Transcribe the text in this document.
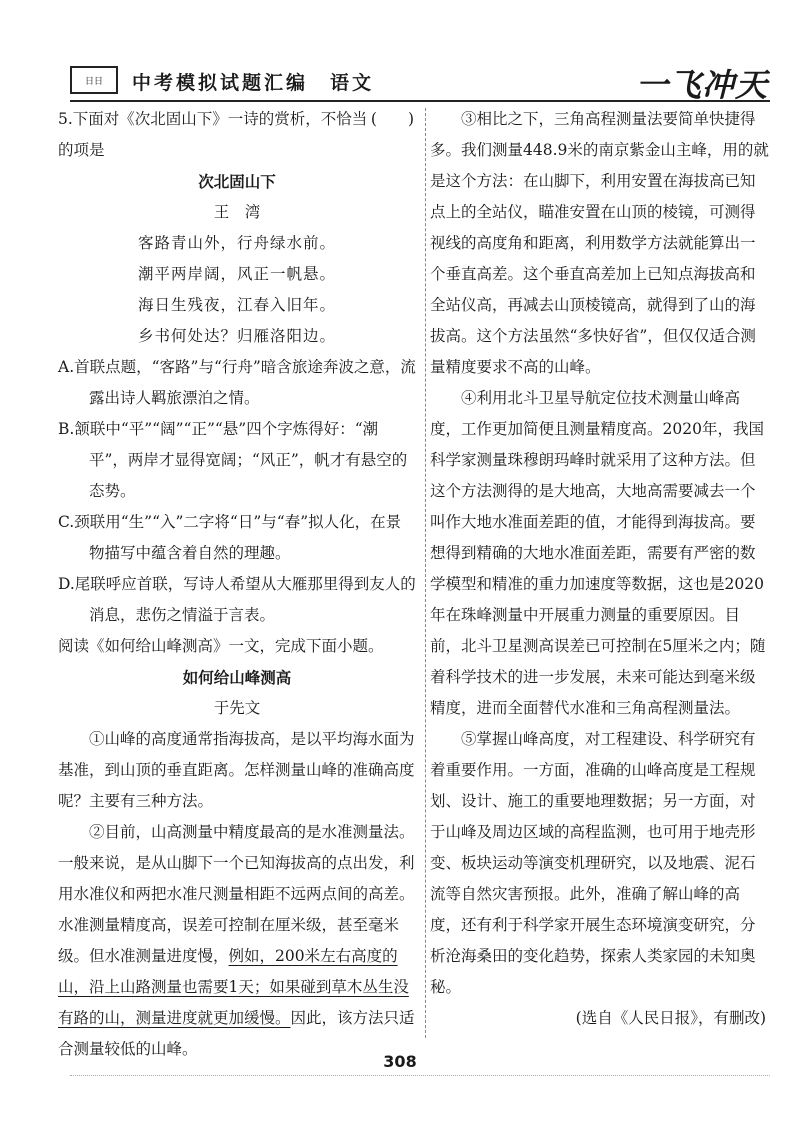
日日	中考模拟试题汇编　语文	一飞冲天

5.下面对《次北固山下》一诗的赏析，不恰当的项是

(　　)

次北固山下

王　湾

客路青山外，行舟绿水前。

潮平两岸阔，风正一帆悬。

海日生残夜，江春入旧年。

乡书何处达？归雁洛阳边。

A.首联点题，“客路”与“行舟”暗含旅途奔波之意，流露出诗人羁旅漂泊之情。

B.颔联中“平”“阔”“正”“悬”四个字炼得好：“潮平”，两岸才显得宽阔；“风正”，帆才有悬空的态势。

C.颈联用“生”“入”二字将“日”与“春”拟人化，在景物描写中蕴含着自然的理趣。

D.尾联呼应首联，写诗人希望从大雁那里得到友人的消息，悲伤之情溢于言表。

阅读《如何给山峰测高》一文，完成下面小题。

如何给山峰测高

于先文

①山峰的高度通常指海拔高，是以平均海水面为基准，到山顶的垂直距离。怎样测量山峰的准确高度呢？主要有三种方法。

②目前，山高测量中精度最高的是水准测量法。一般来说，是从山脚下一个已知海拔高的点出发，利用水准仪和两把水准尺测量相距不远两点间的高差。水准测量精度高，误差可控制在厘米级，甚至毫米级。但水准测量进度慢，例如，200米左右高度的山，沿上山路测量也需要1天；如果碰到草木丛生没有路的山，测量进度就更加缓慢。因此，该方法只适合测量较低的山峰。

③相比之下，三角高程测量法要简单快捷得多。我们测量448.9米的南京紫金山主峰，用的就是这个方法：在山脚下，利用安置在海拔高已知点上的全站仪，瞄准安置在山顶的棱镜，可测得视线的高度角和距离，利用数学方法就能算出一个垂直高差。这个垂直高差加上已知点海拔高和全站仪高，再减去山顶棱镜高，就得到了山的海拔高。这个方法虽然“多快好省”，但仅仅适合测量精度要求不高的山峰。

④利用北斗卫星导航定位技术测量山峰高度，工作更加简便且测量精度高。2020年，我国科学家测量珠穆朗玛峰时就采用了这种方法。但这个方法测得的是大地高，大地高需要减去一个叫作大地水准面差距的值，才能得到海拔高。要想得到精确的大地水准面差距，需要有严密的数学模型和精准的重力加速度等数据，这也是2020年在珠峰测量中开展重力测量的重要原因。目前，北斗卫星测高误差已可控制在5厘米之内；随着科学技术的进一步发展，未来可能达到毫米级精度，进而全面替代水准和三角高程测量法。

⑤掌握山峰高度，对工程建设、科学研究有着重要作用。一方面，准确的山峰高度是工程规划、设计、施工的重要地理数据；另一方面，对于山峰及周边区域的高程监测，也可用于地壳形变、板块运动等演变机理研究，以及地震、泥石流等自然灾害预报。此外，准确了解山峰的高度，还有利于科学家开展生态环境演变研究，分析沧海桑田的变化趋势，探索人类家园的未知奥秘。

(选自《人民日报》，有删改)

308
